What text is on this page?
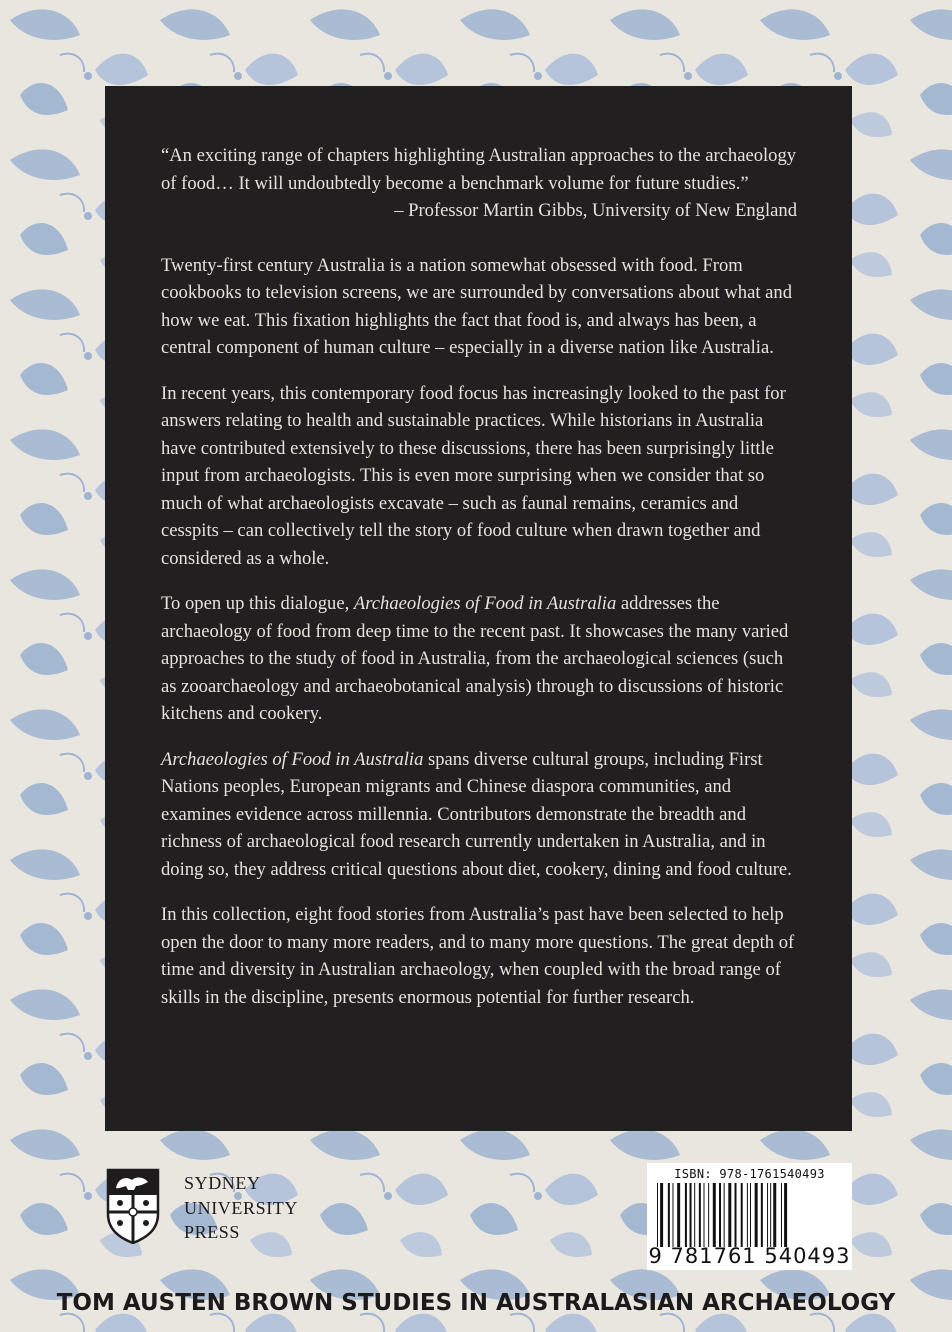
“An exciting range of chapters highlighting Australian approaches to the archaeology of food… It will undoubtedly become a benchmark volume for future studies.”

– Professor Martin Gibbs, University of New England

Twenty-first century Australia is a nation somewhat obsessed with food. From cookbooks to television screens, we are surrounded by conversations about what and how we eat. This fixation highlights the fact that food is, and always has been, a central component of human culture – especially in a diverse nation like Australia.

In recent years, this contemporary food focus has increasingly looked to the past for answers relating to health and sustainable practices. While historians in Australia have contributed extensively to these discussions, there has been surprisingly little input from archaeologists. This is even more surprising when we consider that so much of what archaeologists excavate – such as faunal remains, ceramics and cesspits – can collectively tell the story of food culture when drawn together and considered as a whole.

To open up this dialogue, Archaeologies of Food in Australia addresses the archaeology of food from deep time to the recent past. It showcases the many varied approaches to the study of food in Australia, from the archaeological sciences (such as zooarchaeology and archaeobotanical analysis) through to discussions of historic kitchens and cookery.

Archaeologies of Food in Australia spans diverse cultural groups, including First Nations peoples, European migrants and Chinese diaspora communities, and examines evidence across millennia. Contributors demonstrate the breadth and richness of archaeological food research currently undertaken in Australia, and in doing so, they address critical questions about diet, cookery, dining and food culture.

In this collection, eight food stories from Australia’s past have been selected to help open the door to many more readers, and to many more questions. The great depth of time and diversity in Australian archaeology, when coupled with the broad range of skills in the discipline, presents enormous potential for further research.

SYDNEY
UNIVERSITY
PRESS

ISBN: 978-1761540493
9 781761 540493

TOM AUSTEN BROWN STUDIES IN AUSTRALASIAN ARCHAEOLOGY
